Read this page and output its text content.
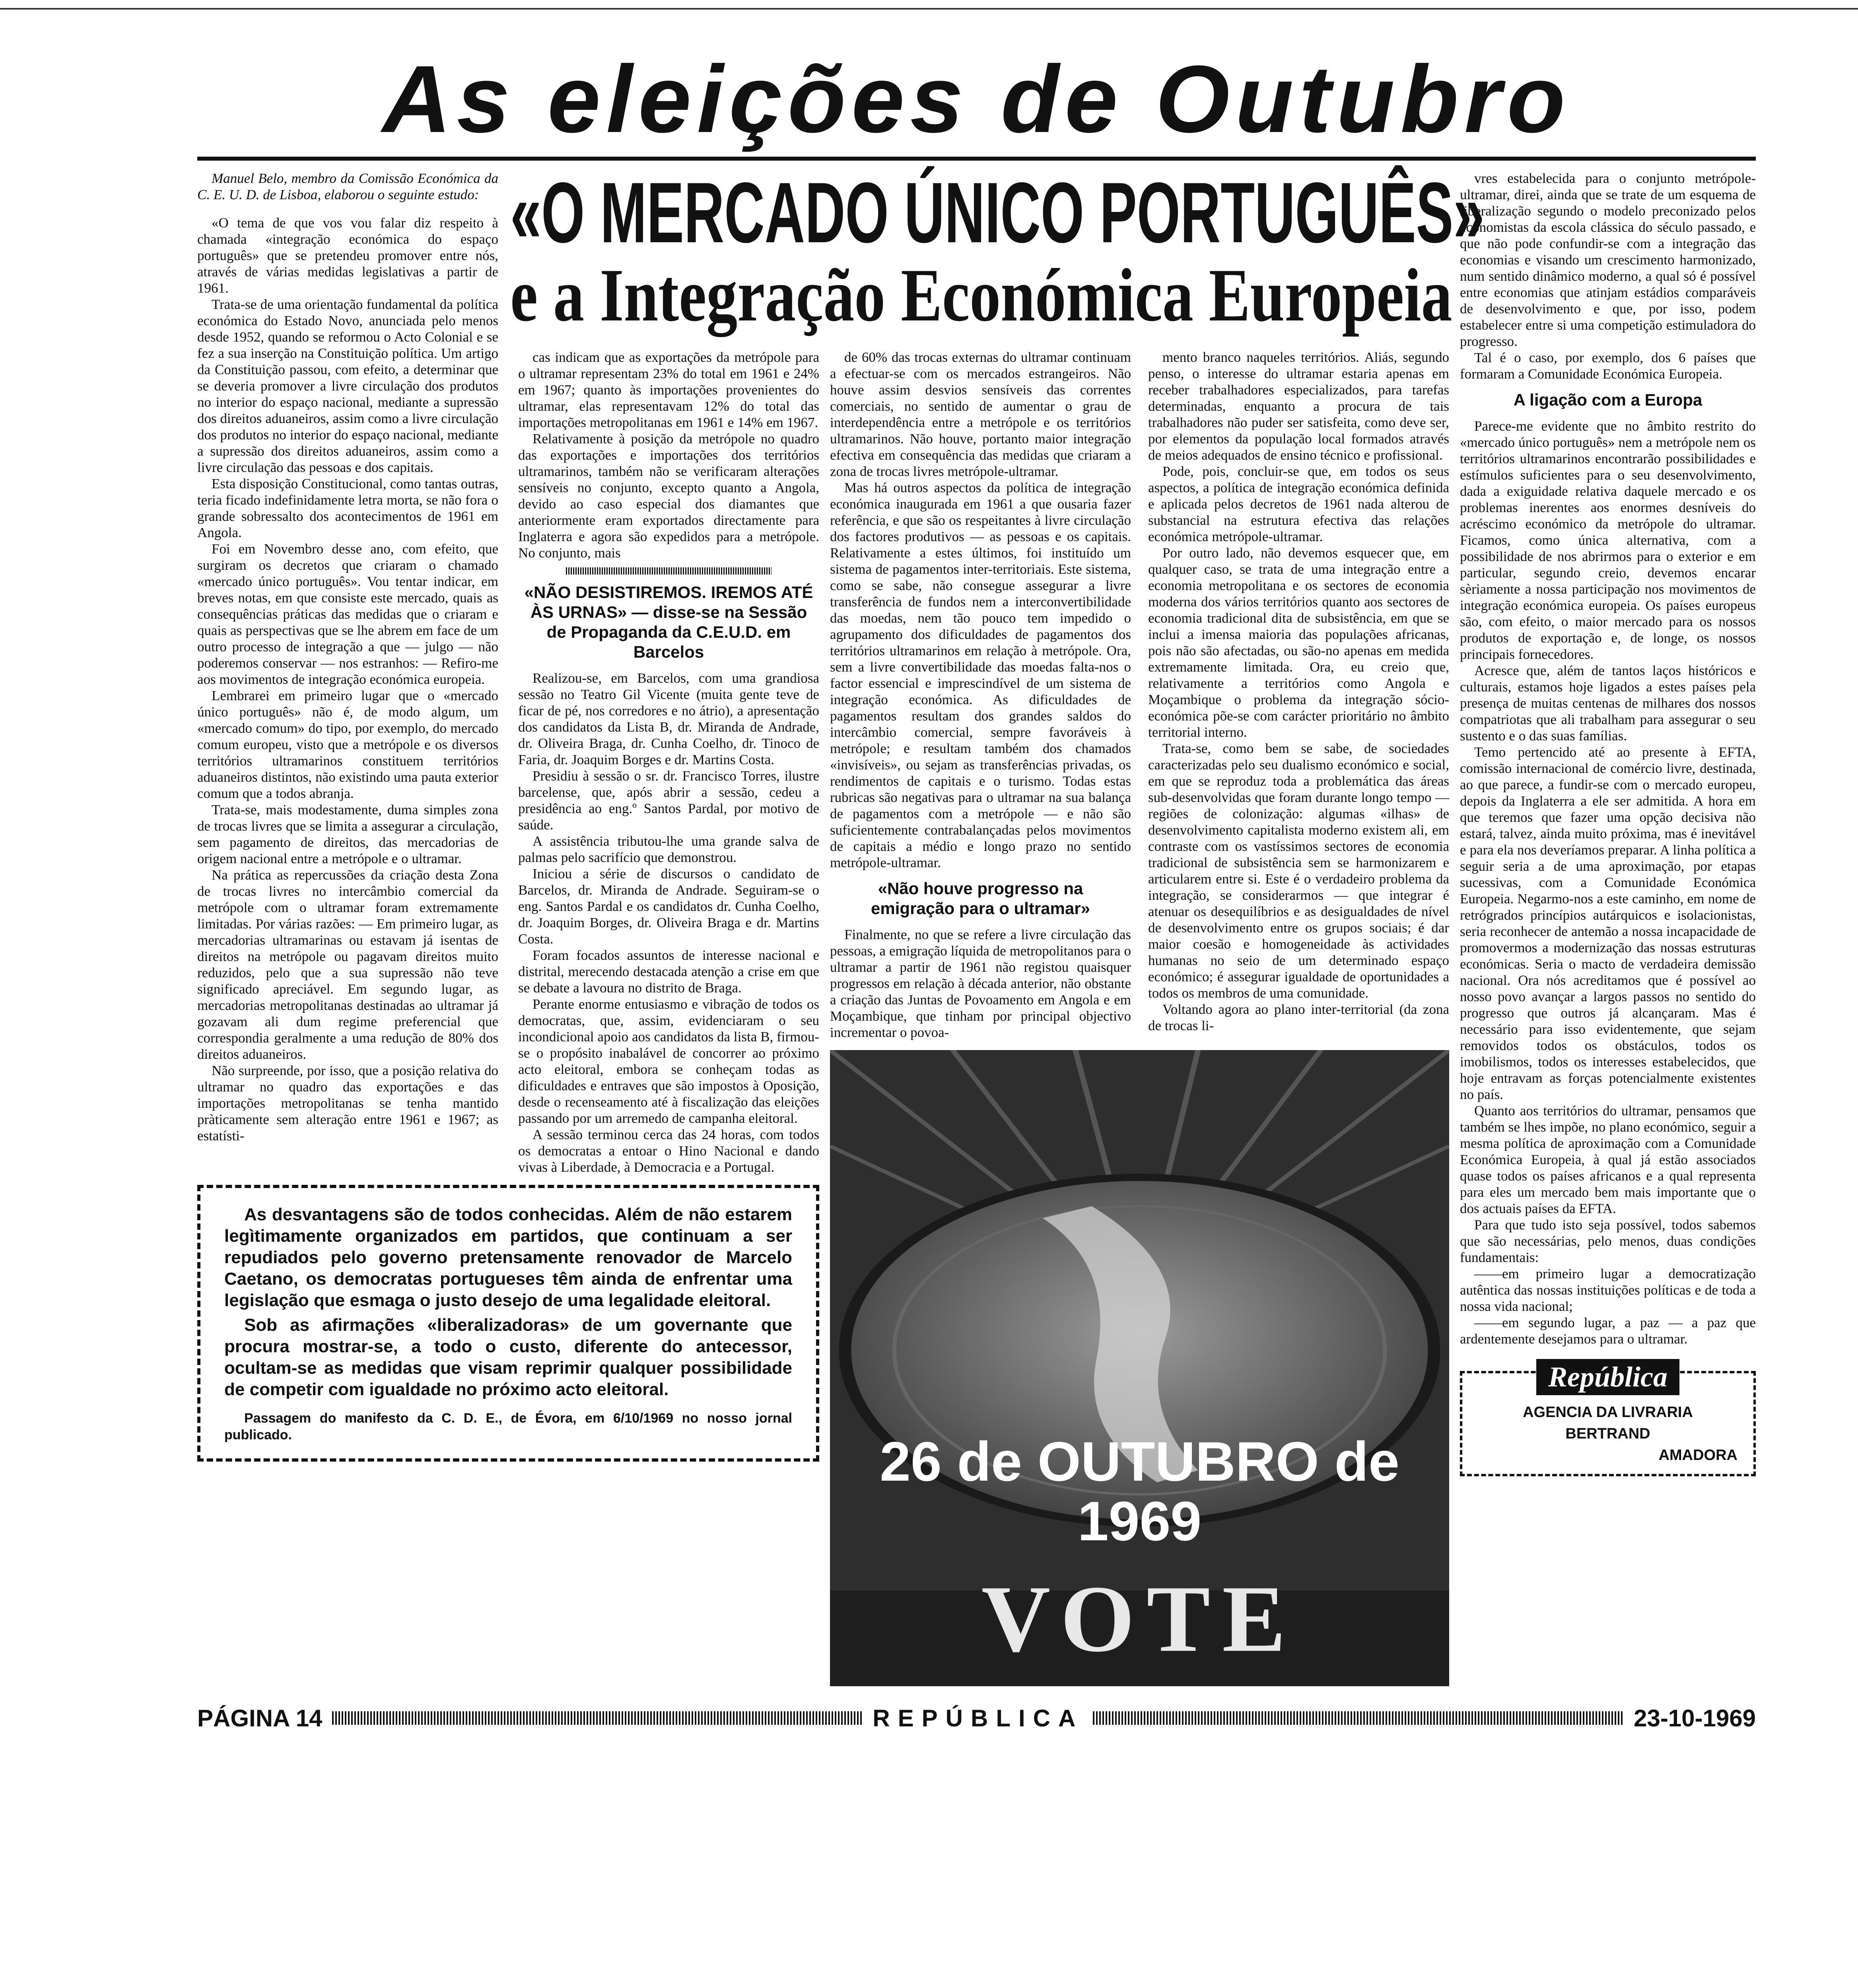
As eleições de Outubro
«O MERCADO ÚNICO PORTUGUÊS»
e a Integração Económica Europeia

Manuel Belo, membro da Comissão Económica da C. E. U. D. de Lisboa, elaborou o seguinte estudo:

«O tema de que vos vou falar diz respeito à chamada «integração económica do espaço português» que se pretendeu promover entre nós, através de várias medidas legislativas a partir de 1961.

Trata-se de uma orientação fundamental da política económica do Estado Novo, anunciada pelo menos desde 1952, quando se reformou o Acto Colonial e se fez a sua inserção na Constituição política. Um artigo da Constituição passou, com efeito, a determinar que se deveria promover a livre circulação dos produtos no interior do espaço nacional, mediante a supressão dos direitos aduaneiros, assim como a livre circulação dos produtos no interior do espaço nacional, mediante a supressão dos direitos aduaneiros, assim como a livre circulação das pessoas e dos capitais.

Esta disposição Constitucional, como tantas outras, teria ficado indefinidamente letra morta, se não fora o grande sobressalto dos acontecimentos de 1961 em Angola.

Foi em Novembro desse ano, com efeito, que surgiram os decretos que criaram o chamado «mercado único português». Vou tentar indicar, em breves notas, em que consiste este mercado, quais as consequências práticas das medidas que o criaram e quais as perspectivas que se lhe abrem em face de um outro processo de integração a que — julgo — não poderemos conservar — nos estranhos: — Refiro-me aos movimentos de integração económica europeia.

Lembrarei em primeiro lugar que o «mercado único português» não é, de modo algum, um «mercado comum» do tipo, por exemplo, do mercado comum europeu, visto que a metrópole e os diversos territórios ultramarinos constituem territórios aduaneiros distintos, não existindo uma pauta exterior comum que a todos abranja.

Trata-se, mais modestamente, duma simples zona de trocas livres que se limita a assegurar a circulação, sem pagamento de direitos, das mercadorias de origem nacional entre a metrópole e o ultramar.

Na prática as repercussões da criação desta Zona de trocas livres no intercâmbio comercial da metrópole com o ultramar foram extremamente limitadas. Por várias razões: — Em primeiro lugar, as mercadorias ultramarinas ou estavam já isentas de direitos na metrópole ou pagavam direitos muito reduzidos, pelo que a sua supressão não teve significado apreciável. Em segundo lugar, as mercadorias metropolitanas destinadas ao ultramar já gozavam ali dum regime preferencial que correspondia geralmente a uma redução de 80% dos direitos aduaneiros.

Não surpreende, por isso, que a posição relativa do ultramar no quadro das exportações e das importações metropolitanas se tenha mantido pràticamente sem alteração entre 1961 e 1967; as estatísti-

cas indicam que as exportações da metrópole para o ultramar representam 23% do total em 1961 e 24% em 1967; quanto às importações provenientes do ultramar, elas representavam 12% do total das importações metropolitanas em 1961 e 14% em 1967.

Relativamente à posição da metrópole no quadro das exportações e importações dos territórios ultramarinos, também não se verificaram alterações sensíveis no conjunto, excepto quanto a Angola, devido ao caso especial dos diamantes que anteriormente eram exportados directamente para Inglaterra e agora são expedidos para a metrópole. No conjunto, mais

«NÃO DESISTIREMOS. IREMOS ATÉ ÀS URNAS» — disse-se na Sessão de Propaganda da C.E.U.D. em Barcelos

Realizou-se, em Barcelos, com uma grandiosa sessão no Teatro Gil Vicente (muita gente teve de ficar de pé, nos corredores e no átrio), a apresentação dos candidatos da Lista B, dr. Miranda de Andrade, dr. Oliveira Braga, dr. Cunha Coelho, dr. Tinoco de Faria, dr. Joaquim Borges e dr. Martins Costa.

Presidiu à sessão o sr. dr. Francisco Torres, ilustre barcelense, que, após abrir a sessão, cedeu a presidência ao eng.º Santos Pardal, por motivo de saúde.

A assistência tributou-lhe uma grande salva de palmas pelo sacrifício que demonstrou.

Iniciou a série de discursos o candidato de Barcelos, dr. Miranda de Andrade. Seguiram-se o eng. Santos Pardal e os candidatos dr. Cunha Coelho, dr. Joaquim Borges, dr. Oliveira Braga e dr. Martins Costa.

Foram focados assuntos de interesse nacional e distrital, merecendo destacada atenção a crise em que se debate a lavoura no distrito de Braga.

Perante enorme entusiasmo e vibração de todos os democratas, que, assim, evidenciaram o seu incondicional apoio aos candidatos da lista B, firmou-se o propósito inabalável de concorrer ao próximo acto eleitoral, embora se conheçam todas as dificuldades e entraves que são impostos à Oposição, desde o recenseamento até à fiscalização das eleições passando por um arremedo de campanha eleitoral.

A sessão terminou cerca das 24 horas, com todos os democratas a entoar o Hino Nacional e dando vivas à Liberdade, à Democracia e a Portugal.

As desvantagens são de todos conhecidas. Além de não estarem legìtimamente organizados em partidos, que continuam a ser repudiados pelo governo pretensamente renovador de Marcelo Caetano, os democratas portugueses têm ainda de enfrentar uma legislação que esmaga o justo desejo de uma legalidade eleitoral.

Sob as afirmações «liberalizadoras» de um governante que procura mostrar-se, a todo o custo, diferente do antecessor, ocultam-se as medidas que visam reprimir qualquer possibilidade de competir com igualdade no próximo acto eleitoral.

Passagem do manifesto da C. D. E., de Évora, em 6/10/1969 no nosso jornal publicado.

de 60% das trocas externas do ultramar continuam a efectuar-se com os mercados estrangeiros. Não houve assim desvios sensíveis das correntes comerciais, no sentido de aumentar o grau de interdependência entre a metrópole e os territórios ultramarinos. Não houve, portanto maior integração efectiva em consequência das medidas que criaram a zona de trocas livres metrópole-ultramar.

Mas há outros aspectos da política de integração económica inaugurada em 1961 a que ousaria fazer referência, e que são os respeitantes à livre circulação dos factores produtivos — as pessoas e os capitais. Relativamente a estes últimos, foi instituído um sistema de pagamentos inter-territoriais. Este sistema, como se sabe, não consegue assegurar a livre transferência de fundos nem a interconvertibilidade das moedas, nem tão pouco tem impedido o agrupamento dos dificuldades de pagamentos dos territórios ultramarinos em relação à metrópole. Ora, sem a livre convertibilidade das moedas falta-nos o factor essencial e imprescindível de um sistema de integração económica. As dificuldades de pagamentos resultam dos grandes saldos do intercâmbio comercial, sempre favoráveis à metrópole; e resultam também dos chamados «invisíveis», ou sejam as transferências privadas, os rendimentos de capitais e o turismo. Todas estas rubricas são negativas para o ultramar na sua balança de pagamentos com a metrópole — e não são suficientemente contrabalançadas pelos movimentos de capitais a médio e longo prazo no sentido metrópole-ultramar.

«Não houve progresso na emigração para o ultramar»

Finalmente, no que se refere a livre circulação das pessoas, a emigração líquida de metropolitanos para o ultramar a partir de 1961 não registou quaisquer progressos em relação à década anterior, não obstante a criação das Juntas de Povoamento em Angola e em Moçambique, que tinham por principal objectivo incrementar o povoa-

mento branco naqueles territórios. Aliás, segundo penso, o interesse do ultramar estaria apenas em receber trabalhadores especializados, para tarefas determinadas, enquanto a procura de tais trabalhadores não puder ser satisfeita, como deve ser, por elementos da população local formados através de meios adequados de ensino técnico e profissional.

Pode, pois, concluir-se que, em todos os seus aspectos, a política de integração económica definida e aplicada pelos decretos de 1961 nada alterou de substancial na estrutura efectiva das relações económica metrópole-ultramar.

Por outro lado, não devemos esquecer que, em qualquer caso, se trata de uma integração entre a economia metropolitana e os sectores de economia moderna dos vários territórios quanto aos sectores de economia tradicional dita de subsistência, em que se inclui a imensa maioria das populações africanas, pois não são afectadas, ou são-no apenas em medida extremamente limitada. Ora, eu creio que, relativamente a territórios como Angola e Moçambique o problema da integração sócio-económica põe-se com carácter prioritário no âmbito territorial interno.

Trata-se, como bem se sabe, de sociedades caracterizadas pelo seu dualismo económico e social, em que se reproduz toda a problemática das áreas sub-desenvolvidas que foram durante longo tempo — regiões de colonização: algumas «ilhas» de desenvolvimento capitalista moderno existem ali, em contraste com os vastíssimos sectores de economia tradicional de subsistência sem se harmonizarem e articularem entre si. Este é o verdadeiro problema da integração, se considerarmos — que integrar é atenuar os desequilíbrios e as desigualdades de nível de desenvolvimento entre os grupos sociais; é dar maior coesão e homogeneidade às actividades humanas no seio de um determinado espaço económico; é assegurar igualdade de oportunidades a todos os membros de uma comunidade.

Voltando agora ao plano inter-territorial (da zona de trocas li-

26 de OUTUBRO de
1969
VOTE

vres estabelecida para o conjunto metrópole-ultramar, direi, ainda que se trate de um esquema de liberalização segundo o modelo preconizado pelos economistas da escola clássica do século passado, e que não pode confundir-se com a integração das economias e visando um crescimento harmonizado, num sentido dinâmico moderno, a qual só é possível entre economias que atinjam estádios comparáveis de desenvolvimento e que, por isso, podem estabelecer entre si uma competição estimuladora do progresso.

Tal é o caso, por exemplo, dos 6 países que formaram a Comunidade Económica Europeia.

A ligação com a Europa

Parece-me evidente que no âmbito restrito do «mercado único português» nem a metrópole nem os territórios ultramarinos encontrarão possibilidades e estímulos suficientes para o seu desenvolvimento, dada a exiguidade relativa daquele mercado e os problemas inerentes aos enormes desníveis do acréscimo económico da metrópole do ultramar. Ficamos, como única alternativa, com a possibilidade de nos abrirmos para o exterior e em particular, segundo creio, devemos encarar sèriamente a nossa participação nos movimentos de integração económica europeia. Os países europeus são, com efeito, o maior mercado para os nossos produtos de exportação e, de longe, os nossos principais fornecedores.

Acresce que, além de tantos laços históricos e culturais, estamos hoje ligados a estes países pela presença de muitas centenas de milhares dos nossos compatriotas que ali trabalham para assegurar o seu sustento e o das suas famílias.

Temo pertencido até ao presente à EFTA, comissão internacional de comércio livre, destinada, ao que parece, a fundir-se com o mercado europeu, depois da Inglaterra a ele ser admitida. A hora em que teremos que fazer uma opção decisiva não estará, talvez, ainda muito próxima, mas é inevitável e para ela nos deveríamos preparar. A linha política a seguir seria a de uma aproximação, por etapas sucessivas, com a Comunidade Económica Europeia. Negarmo-nos a este caminho, em nome de retrógrados princípios autárquicos e isolacionistas, seria reconhecer de antemão a nossa incapacidade de promovermos a modernização das nossas estruturas económicas. Seria o macto de verdadeira demissão nacional. Ora nós acreditamos que é possível ao nosso povo avançar a largos passos no sentido do progresso que outros já alcançaram. Mas é necessário para isso evidentemente, que sejam removidos todos os obstáculos, todos os imobilismos, todos os interesses estabelecidos, que hoje entravam as forças potencialmente existentes no país.

Quanto aos territórios do ultramar, pensamos que também se lhes impõe, no plano económico, seguir a mesma política de aproximação com a Comunidade Económica Europeia, à qual já estão associados quase todos os países africanos e a qual representa para eles um mercado bem mais importante que o dos actuais países da EFTA.

Para que tudo isto seja possível, todos sabemos que são necessárias, pelo menos, duas condições fundamentais:

——em primeiro lugar a democratização autêntica das nossas instituições políticas e de toda a nossa vida nacional;

——em segundo lugar, a paz — a paz que ardentemente desejamos para o ultramar.

República
AGENCIA DA LIVRARIA
BERTRAND
AMADORA
PÁGINA 14	REPÚBLICA	23-10-1969
